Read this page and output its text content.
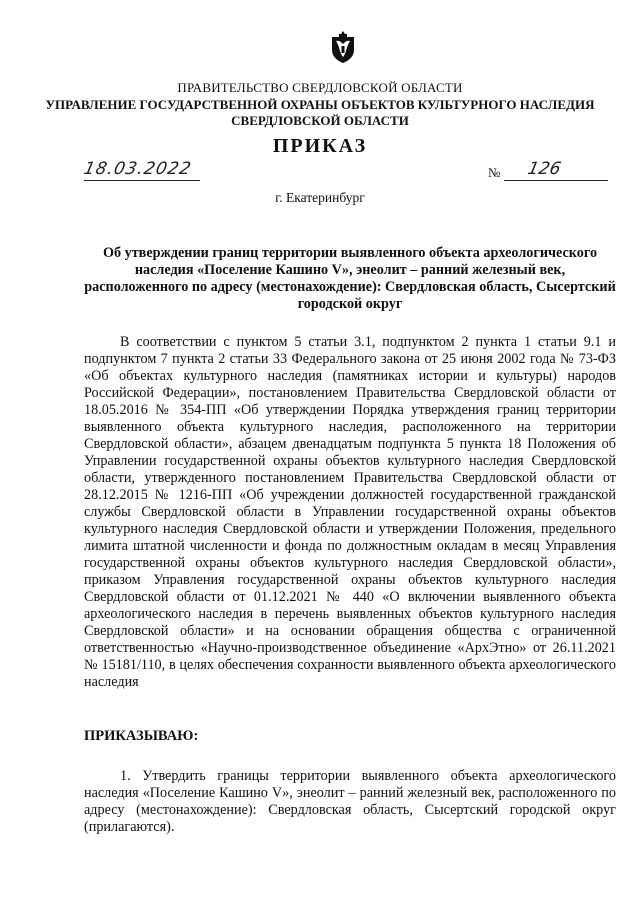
ПРАВИТЕЛЬСТВО СВЕРДЛОВСКОЙ ОБЛАСТИ
УПРАВЛЕНИЕ ГОСУДАРСТВЕННОЙ ОХРАНЫ ОБЪЕКТОВ КУЛЬТУРНОГО НАСЛЕДИЯ
СВЕРДЛОВСКОЙ ОБЛАСТИ
ПРИКАЗ
18.03.2022	№ 126
г. Екатеринбург
Об утверждении границ территории выявленного объекта археологического наследия «Поселение Кашино V», энеолит – ранний железный век, расположенного по адресу (местонахождение): Свердловская область, Сысертский городской округ

В соответствии с пунктом 5 статьи 3.1, подпунктом 2 пункта 1 статьи 9.1 и подпунктом 7 пункта 2 статьи 33 Федерального закона от 25 июня 2002 года № 73-ФЗ «Об объектах культурного наследия (памятниках истории и культуры) народов Российской Федерации», постановлением Правительства Свердловской области от 18.05.2016 № 354-ПП «Об утверждении Порядка утверждения границ территории выявленного объекта культурного наследия, расположенного на территории Свердловской области», абзацем двенадцатым подпункта 5 пункта 18 Положения об Управлении государственной охраны объектов культурного наследия Свердловской области, утвержденного постановлением Правительства Свердловской области от 28.12.2015 № 1216-ПП «Об учреждении должностей государственной гражданской службы Свердловской области в Управлении государственной охраны объектов культурного наследия Свердловской области и утверждении Положения, предельного лимита штатной численности и фонда по должностным окладам в месяц Управления государственной охраны объектов культурного наследия Свердловской области», приказом Управления государственной охраны объектов культурного наследия Свердловской области от 01.12.2021 № 440 «О включении выявленного объекта археологического наследия в перечень выявленных объектов культурного наследия Свердловской области» и на основании обращения общества с ограниченной ответственностью «Научно-производственное объединение «АрхЭтно» от 26.11.2021 № 15181/110, в целях обеспечения сохранности выявленного объекта археологического наследия

ПРИКАЗЫВАЮ:

1. Утвердить границы территории выявленного объекта археологического наследия «Поселение Кашино V», энеолит – ранний железный век, расположенного по адресу (местонахождение): Свердловская область, Сысертский городской округ (прилагаются).
